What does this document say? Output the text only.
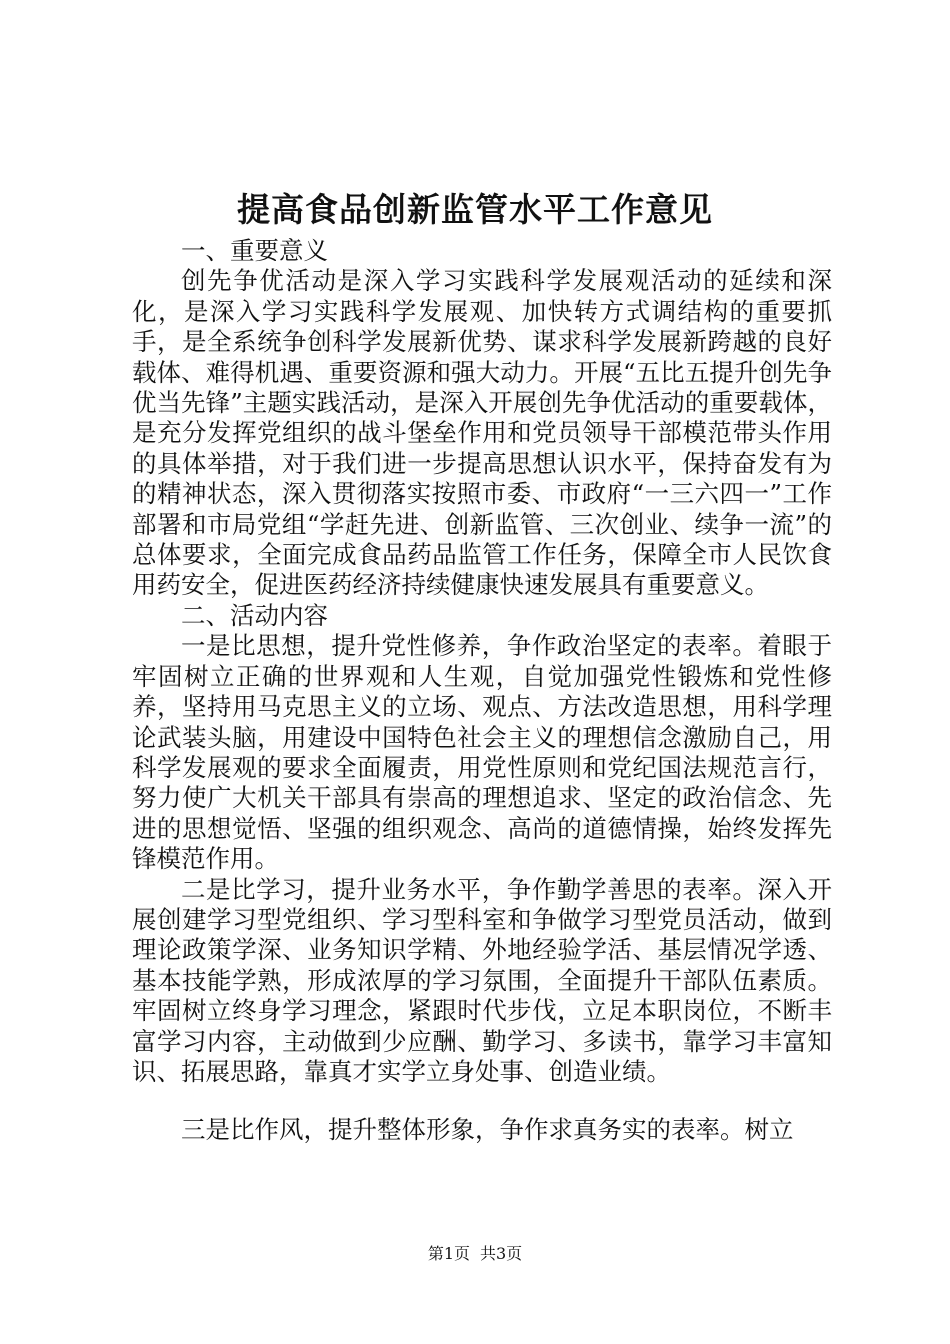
提高食品创新监管水平工作意见

一、重要意义

创先争优活动是深入学习实践科学发展观活动的延续和深化，是深入学习实践科学发展观、加快转方式调结构的重要抓手，是全系统争创科学发展新优势、谋求科学发展新跨越的良好载体、难得机遇、重要资源和强大动力。开展“五比五提升创先争优当先锋”主题实践活动，是深入开展创先争优活动的重要载体，是充分发挥党组织的战斗堡垒作用和党员领导干部模范带头作用的具体举措，对于我们进一步提高思想认识水平，保持奋发有为的精神状态，深入贯彻落实按照市委、市政府“一三六四一”工作部署和市局党组“学赶先进、创新监管、三次创业、续争一流”的总体要求，全面完成食品药品监管工作任务，保障全市人民饮食用药安全，促进医药经济持续健康快速发展具有重要意义。

二、活动内容

一是比思想，提升党性修养，争作政治坚定的表率。着眼于牢固树立正确的世界观和人生观，自觉加强党性锻炼和党性修养，坚持用马克思主义的立场、观点、方法改造思想，用科学理论武装头脑，用建设中国特色社会主义的理想信念激励自己，用科学发展观的要求全面履责，用党性原则和党纪国法规范言行，努力使广大机关干部具有崇高的理想追求、坚定的政治信念、先进的思想觉悟、坚强的组织观念、高尚的道德情操，始终发挥先锋模范作用。

二是比学习，提升业务水平，争作勤学善思的表率。深入开展创建学习型党组织、学习型科室和争做学习型党员活动，做到理论政策学深、业务知识学精、外地经验学活、基层情况学透、基本技能学熟，形成浓厚的学习氛围，全面提升干部队伍素质。牢固树立终身学习理念，紧跟时代步伐，立足本职岗位，不断丰富学习内容，主动做到少应酬、勤学习、多读书，靠学习丰富知识、拓展思路，靠真才实学立身处事、创造业绩。

三是比作风，提升整体形象，争作求真务实的表率。树立

第1页 共3页
